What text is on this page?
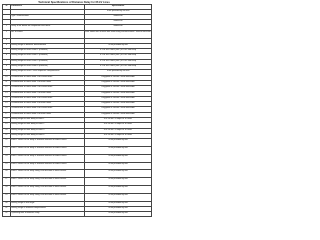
Technical Specifications of Distance Relay for 66 kV Lines
Sl	Parameters	Specification
		To be provided by the firm
	Type / Manufacturer	Numerical
		Numerical
1	Relay to be based on comparator with detail	Numerical
2	No. of Zones	Four zones with at least one zone being non-directional / reverse direction
3		
4	Setting range of distance measurement	To be provided by firm
5	Setting range for reach Zone 1 (Forward)	0.1 to 100 Ohms (Sec.) in 0.01 ohm step
6	Setting range for reach Zone 2 (Forward)	0.1 to 100 Ohms (Sec.) in 0.01 ohm step
7	Setting range for reach Zone 3 (Forward)	0.1 to 100 Ohms (Sec.) in 0.01 ohm step
8	Setting range for reach Zone 4 (Reverse)	0.1 to 100 Ohms (Sec.) in 0.01 ohm step
9	Setting range for reach - zero sequence compensation	To be provided by the firm
10	Characteristic of reach zone 1 for Phase faults	Polygonal or circular / mho selectable
11	Characteristic of reach zone 1 for earth faults	Polygonal or circular / mho selectable
12	Characteristic of reach zone 2 for Phase faults	Polygonal or circular / mho selectable
13	Characteristic of reach zone 2 for earth faults	Polygonal or circular / mho selectable
14	Characteristic of reach zone 3 for Phase faults	Polygonal or circular / mho selectable
15	Characteristic of reach zone 3 for earth faults	Polygonal or circular / mho selectable
16	Characteristic of reach zone 4 for Phase faults	Polygonal or circular / mho selectable
17	Characteristic of reach zone 4 for earth faults	Polygonal or circular / mho selectable
18	Setting range for time delay of zone 1	0 to 10 sec. in steps of 10 msec
19	Setting range for time delay of zone 2	0 to 10 sec. in steps of 10 msec
20	Setting range for time delay of zone 3	0 to 10 sec. in steps of 10 msec
21	Setting range for time delay of zone 4	0 to 10 sec. in steps of 10 msec
22	Zone 1 Reach of the relay in resistive direction at rated current	To be provided by firm
23	Zone 2 Reach of the relay in resistive direction at rated current	To be provided by firm
24	Zone 3 Reach of the relay in resistive direction at rated current	To be provided by firm
25	Zone 4 Reach of the relay in resistive direction at rated current	To be provided by firm
26	Zone 1 Reach of the relay along Line direction at rated current	To be provided by firm
27	Zone 2 Reach of the relay along Line direction at rated current	To be provided by firm
28	Zone 3 Reach of the relay along Line direction at rated current	To be provided by firm
29	Zone 4 Reach of the relay along Line direction at rated current	To be provided by firm
30	Setting range of line angle	To be provided by firm
31	Setting range of residual compensation	To be provided by firm
32	Operating time of distance relay	To be provided by firm
